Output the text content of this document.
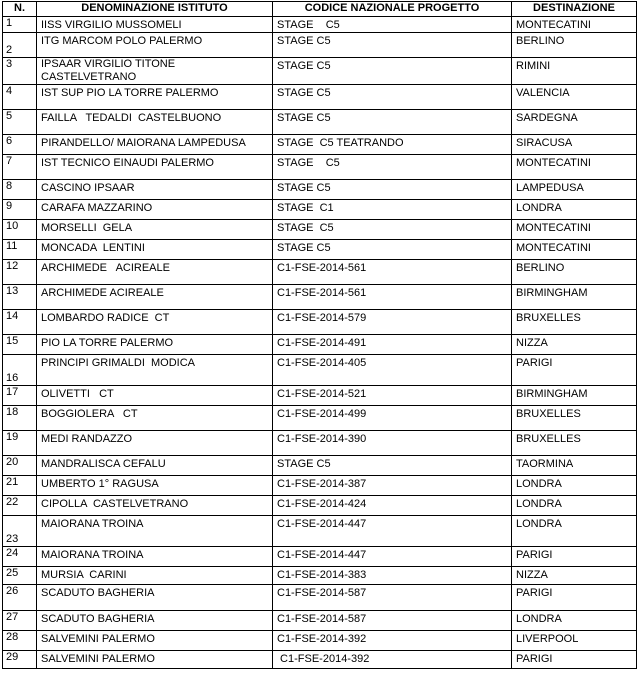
N.	DENOMINAZIONE ISTITUTO	CODICE NAZIONALE PROGETTO	DESTINAZIONE
1	IISS VIRGILIO MUSSOMELI	STAGE    C5	MONTECATINI
2	ITG MARCOM POLO PALERMO	STAGE C5	BERLINO
3	IPSAAR VIRGILIO TITONE CASTELVETRANO	STAGE C5	RIMINI
4	IST SUP PIO LA TORRE PALERMO	STAGE C5	VALENCIA
5	FAILLA   TEDALDI  CASTELBUONO	STAGE C5	SARDEGNA
6	PIRANDELLO/ MAIORANA LAMPEDUSA	STAGE  C5 TEATRANDO	SIRACUSA
7	IST TECNICO EINAUDI PALERMO	STAGE    C5	MONTECATINI
8	CASCINO IPSAAR	STAGE C5	LAMPEDUSA
9	CARAFA MAZZARINO	STAGE  C1	LONDRA
10	MORSELLI  GELA	STAGE  C5	MONTECATINI
11	MONCADA  LENTINI	STAGE C5	MONTECATINI
12	ARCHIMEDE   ACIREALE	C1-FSE-2014-561	BERLINO
13	ARCHIMEDE ACIREALE	C1-FSE-2014-561	BIRMINGHAM
14	LOMBARDO RADICE  CT	C1-FSE-2014-579	BRUXELLES
15	PIO LA TORRE PALERMO	C1-FSE-2014-491	NIZZA
16	PRINCIPI GRIMALDI  MODICA	C1-FSE-2014-405	PARIGI
17	OLIVETTI   CT	C1-FSE-2014-521	BIRMINGHAM
18	BOGGIOLERA   CT	C1-FSE-2014-499	BRUXELLES
19	MEDI RANDAZZO	C1-FSE-2014-390	BRUXELLES
20	MANDRALISCA CEFALU	STAGE C5	TAORMINA
21	UMBERTO 1° RAGUSA	C1-FSE-2014-387	LONDRA
22	CIPOLLA  CASTELVETRANO	C1-FSE-2014-424	LONDRA
23	MAIORANA TROINA	C1-FSE-2014-447	LONDRA
24	MAIORANA TROINA	C1-FSE-2014-447	PARIGI
25	MURSIA  CARINI	C1-FSE-2014-383	NIZZA
26	SCADUTO BAGHERIA	C1-FSE-2014-587	PARIGI
27	SCADUTO BAGHERIA	C1-FSE-2014-587	LONDRA
28	SALVEMINI PALERMO	C1-FSE-2014-392	LIVERPOOL
29	SALVEMINI PALERMO	C1-FSE-2014-392	PARIGI
